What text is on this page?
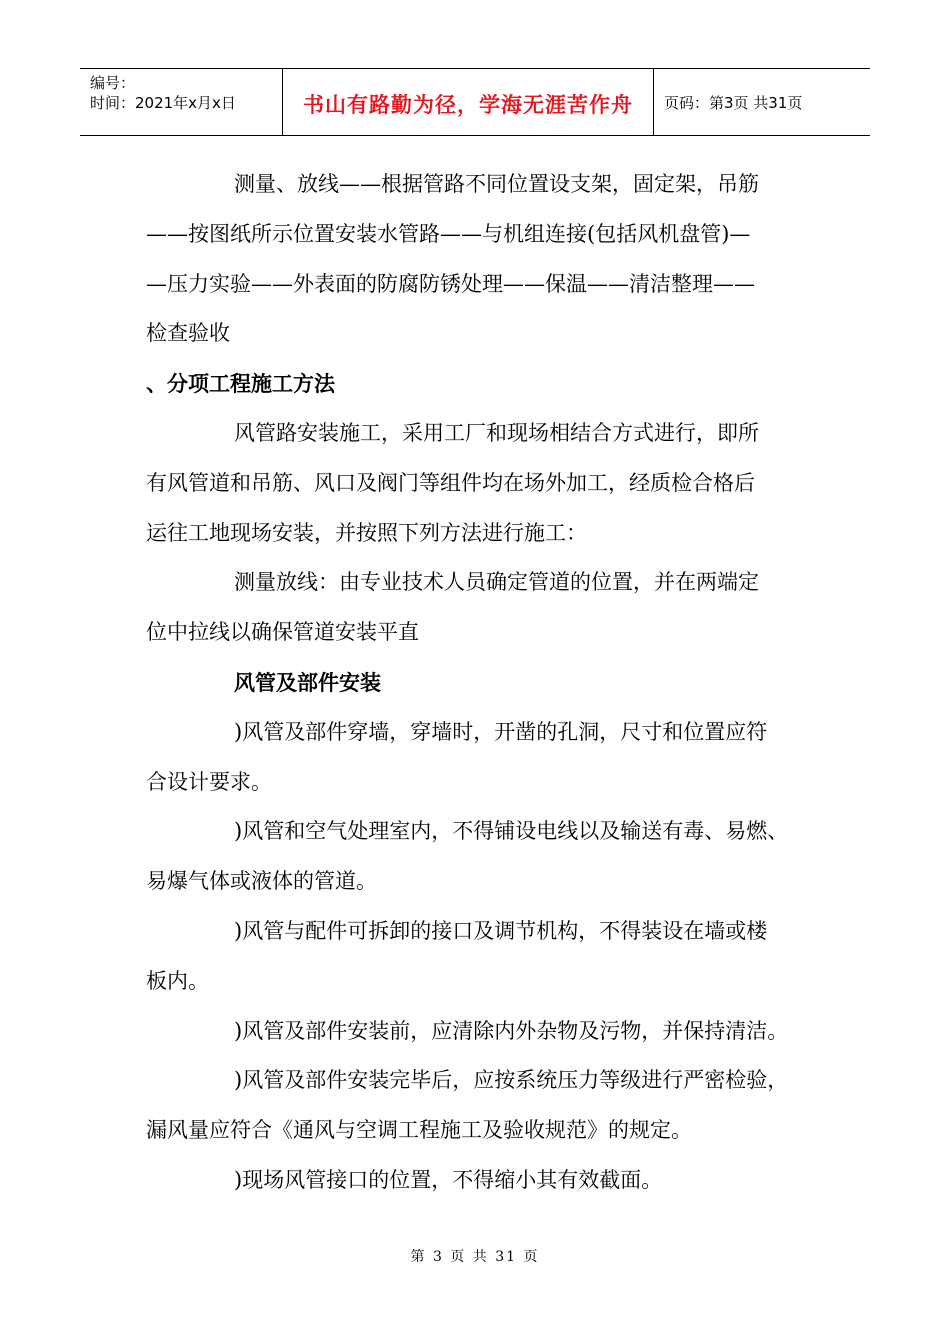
编号：
时间：2021年x月x日	书山有路勤为径，学海无涯苦作舟 页码：第3页 共31页

测量、放线——根据管路不同位置设支架，固定架，吊筋

——按图纸所示位置安装水管路——与机组连接(包括风机盘管)—

—压力实验——外表面的防腐防锈处理——保温——清洁整理——

检查验收

、分项工程施工方法

风管路安装施工，采用工厂和现场相结合方式进行，即所

有风管道和吊筋、风口及阀门等组件均在场外加工，经质检合格后

运往工地现场安装，并按照下列方法进行施工：

测量放线：由专业技术人员确定管道的位置，并在两端定

位中拉线以确保管道安装平直

风管及部件安装

)风管及部件穿墙，穿墙时，开凿的孔洞，尺寸和位置应符

合设计要求。

)风管和空气处理室内，不得铺设电线以及输送有毒、易燃、

易爆气体或液体的管道。

)风管与配件可拆卸的接口及调节机构，不得装设在墙或楼

板内。

)风管及部件安装前，应清除内外杂物及污物，并保持清洁。

)风管及部件安装完毕后，应按系统压力等级进行严密检验，

漏风量应符合《通风与空调工程施工及验收规范》的规定。

)现场风管接口的位置，不得缩小其有效截面。

第 3 页 共 31 页
